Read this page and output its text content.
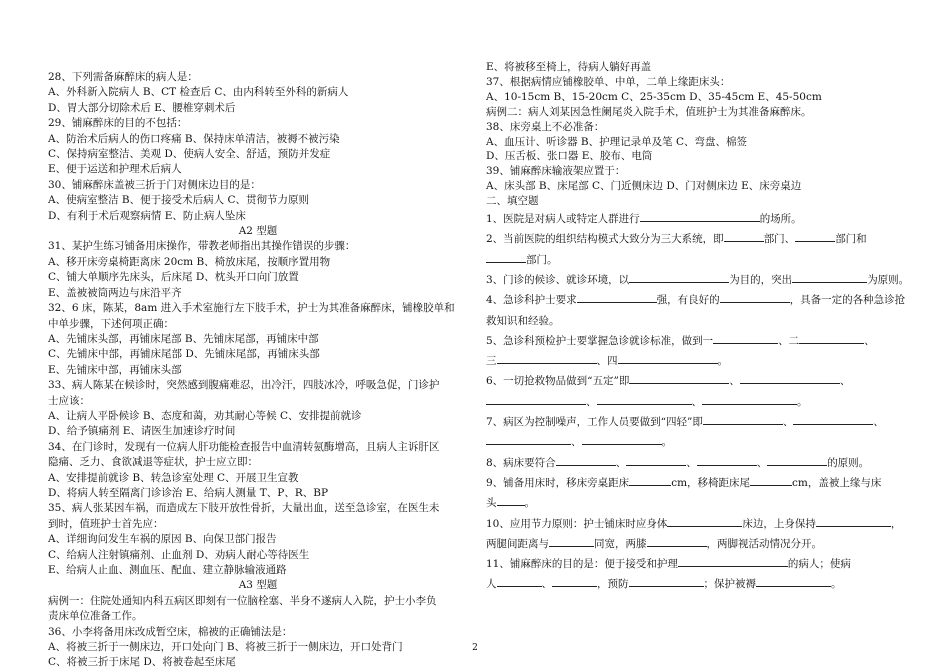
28、下列需备麻醉床的病人是：
A、外科新入院病人 B、CT 检查后 C、由内科转至外科的新病人
D、胃大部分切除术后 E、腰椎穿刺术后
29、铺麻醉床的目的不包括：
A、防治术后病人的伤口疼痛 B、保持床单清洁，被褥不被污染
C、保持病室整洁、美观 D、使病人安全、舒适，预防并发症
E、便于运送和护理术后病人
30、铺麻醉床盖被三折于门对侧床边目的是：
A、使病室整洁 B、便于接受术后病人 C、贯彻节力原则
D、有利于术后观察病情 E、防止病人坠床
A2 型题
31、某护生练习铺备用床操作，带教老师指出其操作错误的步骤：
A、移开床旁桌椅距离床 20cm B、椅放床尾，按顺序置用物
C、铺大单顺序先床头，后床尾 D、枕头开口向门放置
E、盖被被筒两边与床沿平齐
32、6 床，陈某，8am 进入手术室施行左下肢手术，护士为其准备麻醉床，铺橡胶单和
中单步骤，下述何项正确：
A、先铺床头部，再铺床尾部 B、先铺床尾部，再铺床中部
C、先铺床中部，再铺床尾部 D、先铺床尾部，再铺床头部
E、先铺床中部，再铺床头部
33、病人陈某在候诊时，突然感到腹痛难忍，出冷汗，四肢冰冷，呼吸急促，门诊护
士应该：
A、让病人平卧候诊 B、态度和蔼，劝其耐心等候 C、安排提前就诊
D、给予镇痛剂 E、请医生加速诊疗时间
34、在门诊时，发现有一位病人肝功能检查报告中血清转氨酶增高，且病人主诉肝区
隐痛、乏力、食欲减退等症状，护士应立即：
A、安排提前就诊 B、转急诊室处理 C、开展卫生宣教
D、将病人转至隔离门诊诊治 E、给病人测量 T、P、R、BP
35、病人张某因车祸，而造成左下肢开放性骨折，大量出血，送至急诊室，在医生未
到时，值班护士首先应：
A、详细询问发生车祸的原因 B、向保卫部门报告
C、给病人注射镇痛剂、止血剂 D、劝病人耐心等待医生
E、给病人止血、测血压、配血、建立静脉输液通路
A3 型题
病例一：住院处通知内科五病区即刻有一位脑栓塞、半身不遂病人入院，护士小李负
责床单位准备工作。
36、小李将备用床改成暂空床，棉被的正确铺法是：
A、将被三折于一侧床边，开口处向门 B、将被三折于一侧床边，开口处背门
C、将被三折于床尾 D、将被卷起至床尾
E、将被移至椅上，待病人躺好再盖
37、根据病情应铺橡胶单、中单，二单上缘距床头：
A、10-15cm B、15-20cm C、25-35cm D、35-45cm E、45-50cm
病例二：病人刘某因急性阑尾炎入院手术，值班护士为其准备麻醉床。
38、床旁桌上不必准备：
A、血压计、听诊器 B、护理记录单及笔 C、弯盘、棉签
D、压舌板、张口器 E、胶布、电筒
39、铺麻醉床输液架应置于：
A、床头部 B、床尾部 C、门近侧床边 D、门对侧床边 E、床旁桌边
二、填空题
1、医院是对病人或特定人群进行	的场所。
2、当前医院的组织结构模式大致分为三大系统，即	部门、	部门和
部门。
3、门诊的候诊、就诊环境，以	为目的，突出	为原则。
4、急诊科护士要求	强，有良好的	，具备一定的各种急诊抢
救知识和经验。
5、急诊科预检护士要掌握急诊就诊标准，做到一	、二	、
三	、四	。
6、一切抢救物品做到“五定”即	、	、
、	、	。
7、病区为控制噪声，工作人员要做到“四轻”即	、	、
、	。
8、病床要符合	、	、	、	的原则。
9、铺备用床时，移床旁桌距床	cm，移椅距床尾	cm，盖被上缘与床
头	。
10、应用节力原则：护士铺床时应身体	床边，上身保持	，
两腿间距离与	同宽，两膝	，两脚视活动情况分开。
11、铺麻醉床的目的是：便于接受和护理	的病人；使病
人	、	，预防	；保护被褥	。
2
